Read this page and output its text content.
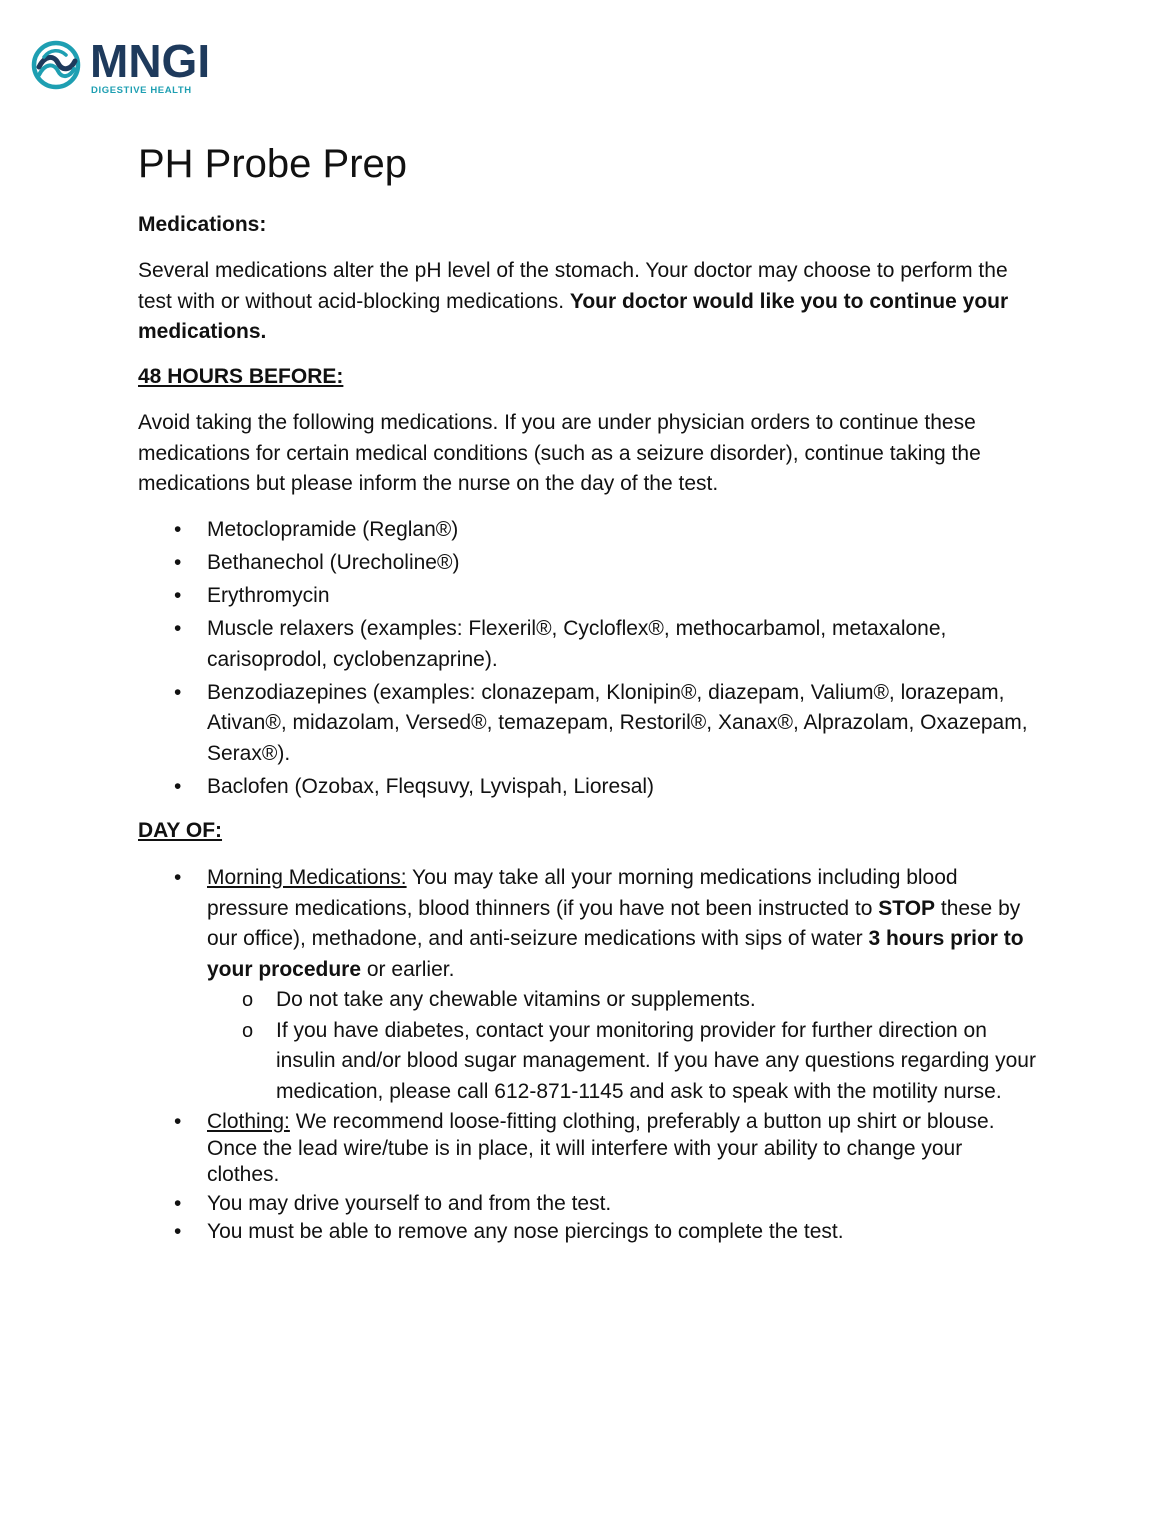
MNGI
DIGESTIVE HEALTH
PH Probe Prep
Medications:
Several medications alter the pH level of the stomach. Your doctor may choose to perform the test with or without acid-blocking medications. Your doctor would like you to continue your medications.
48 HOURS BEFORE:
Avoid taking the following medications. If you are under physician orders to continue these medications for certain medical conditions (such as a seizure disorder), continue taking the medications but please inform the nurse on the day of the test.
• Metoclopramide (Reglan®)
• Bethanechol (Urecholine®)
• Erythromycin
• Muscle relaxers (examples: Flexeril®, Cycloflex®, methocarbamol, metaxalone, carisoprodol, cyclobenzaprine).
• Benzodiazepines (examples: clonazepam, Klonipin®, diazepam, Valium®, lorazepam, Ativan®, midazolam, Versed®, temazepam, Restoril®, Xanax®, Alprazolam, Oxazepam, Serax®).
• Baclofen (Ozobax, Fleqsuvy, Lyvispah, Lioresal)
DAY OF:
• Morning Medications: You may take all your morning medications including blood pressure medications, blood thinners (if you have not been instructed to STOP these by our office), methadone, and anti-seizure medications with sips of water 3 hours prior to your procedure or earlier.
o Do not take any chewable vitamins or supplements.
o If you have diabetes, contact your monitoring provider for further direction on insulin and/or blood sugar management. If you have any questions regarding your medication, please call 612-871-1145 and ask to speak with the motility nurse.
• Clothing: We recommend loose-fitting clothing, preferably a button up shirt or blouse. Once the lead wire/tube is in place, it will interfere with your ability to change your clothes.
• You may drive yourself to and from the test.
• You must be able to remove any nose piercings to complete the test.
